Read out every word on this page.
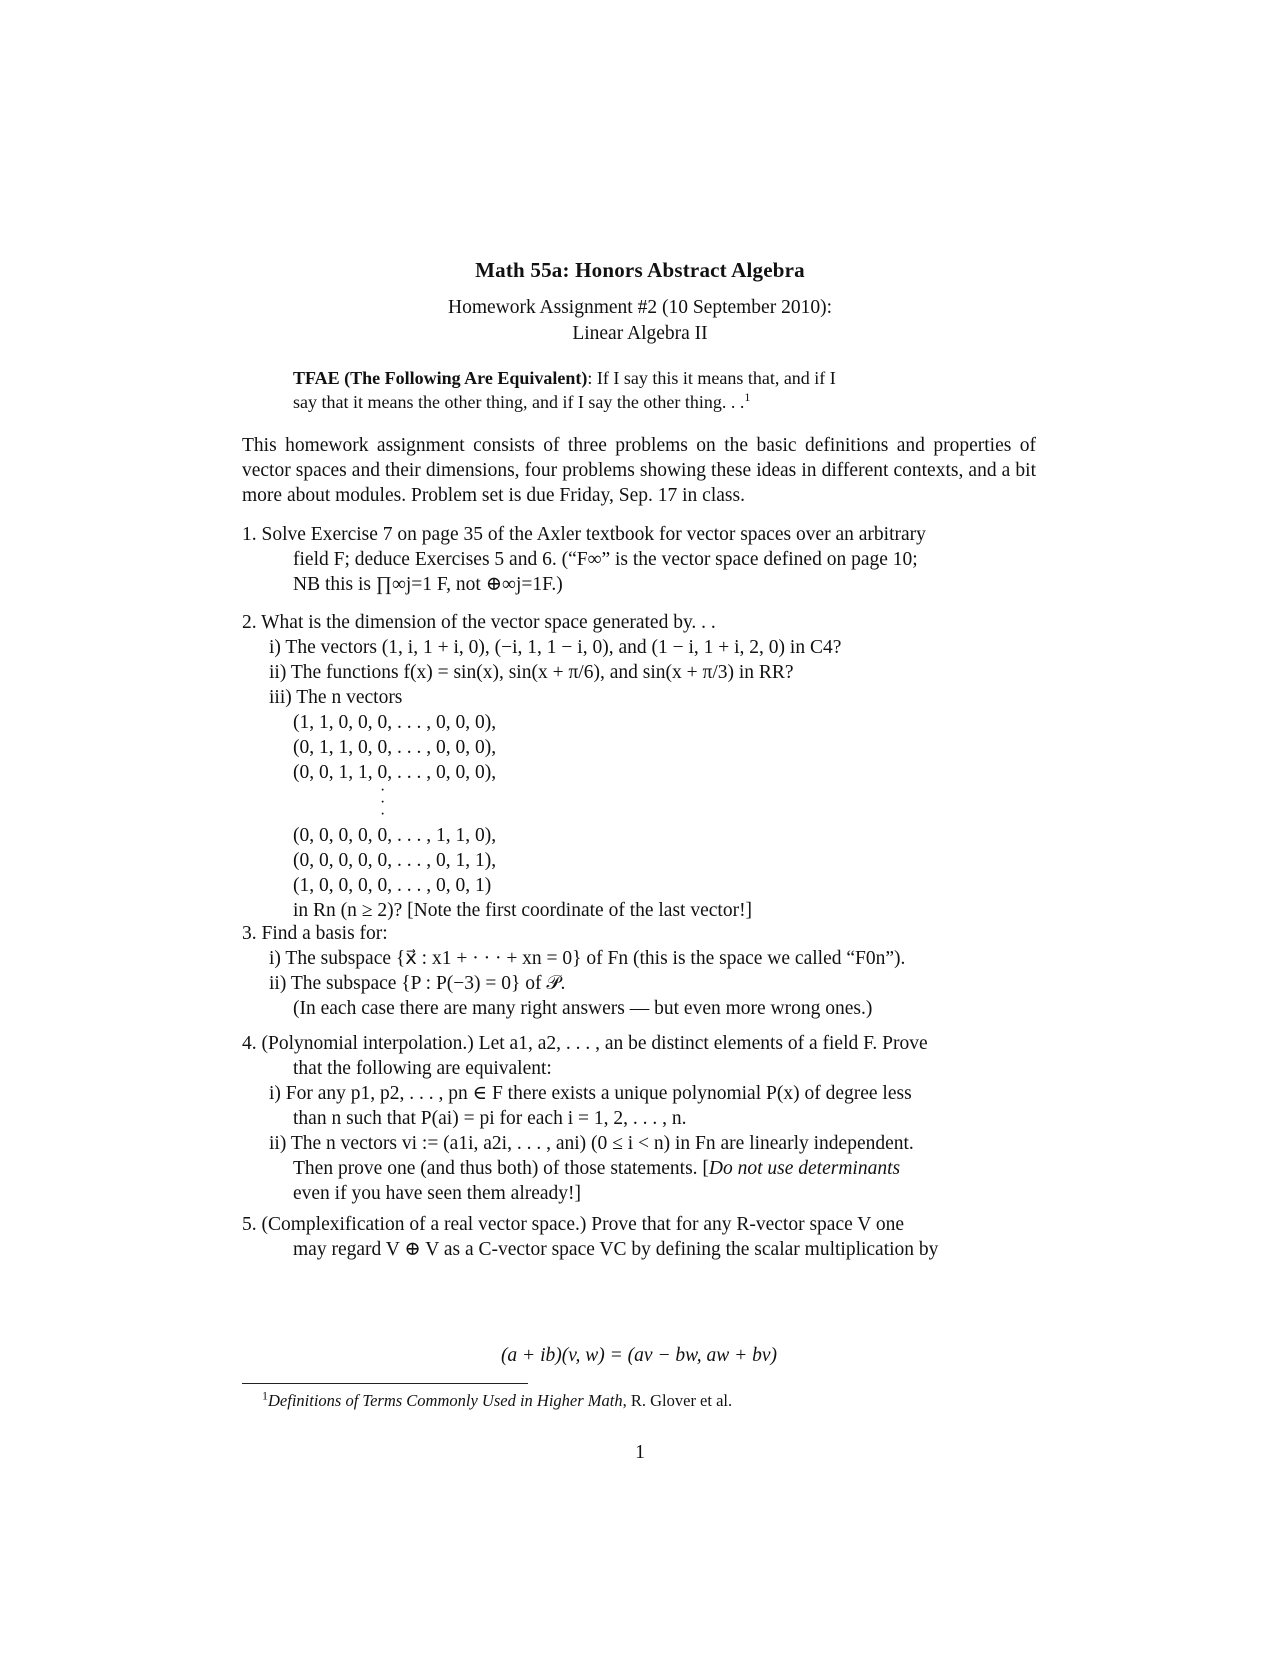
Math 55a: Honors Abstract Algebra

Homework Assignment #2 (10 September 2010):
Linear Algebra II

TFAE (The Following Are Equivalent): If I say this it means that, and if I
say that it means the other thing, and if I say the other thing. . .$^1$
This homework assignment consists of three problems on the basic definitions and properties of vector spaces and their dimensions, four problems showing these ideas in different contexts, and a bit more about modules. Problem set is due Friday, Sep. 17 in class.
1. Solve Exercise 7 on page 35 of the Axler textbook for vector spaces over an arbitrary
field F; deduce Exercises 5 and 6. (“F∞” is the vector space defined on page 10;
NB this is ∏∞j=1 F, not ⊕∞j=1F.)
2. What is the dimension of the vector space generated by. . .
i) The vectors (1, i, 1 + i, 0), (−i, 1, 1 − i, 0), and (1 − i, 1 + i, 2, 0) in C4?
ii) The functions f(x) = sin(x), sin(x + π/6), and sin(x + π/3) in RR?
iii) The n vectors
(1, 1, 0, 0, 0, . . . , 0, 0, 0),
(0, 1, 1, 0, 0, . . . , 0, 0, 0),
(0, 0, 1, 1, 0, . . . , 0, 0, 0),
·
·
·
(0, 0, 0, 0, 0, . . . , 1, 1, 0),
(0, 0, 0, 0, 0, . . . , 0, 1, 1),
(1, 0, 0, 0, 0, . . . , 0, 0, 1)
in Rn (n ≥ 2)? [Note the first coordinate of the last vector!]
3. Find a basis for:
i) The subspace {x⃗ : x1 + · · · + xn = 0} of Fn (this is the space we called “F0n”).
ii) The subspace {P : P(−3) = 0} of 𝒫.
(In each case there are many right answers — but even more wrong ones.)
4. (Polynomial interpolation.) Let a1, a2, . . . , an be distinct elements of a field F. Prove
that the following are equivalent:
i) For any p1, p2, . . . , pn ∈ F there exists a unique polynomial P(x) of degree less
than n such that P(ai) = pi for each i = 1, 2, . . . , n.
ii) The n vectors vi := (a1i, a2i, . . . , ani) (0 ≤ i < n) in Fn are linearly independent.
Then prove one (and thus both) of those statements. [Do not use determinants
even if you have seen them already!]
5. (Complexification of a real vector space.) Prove that for any R-vector space V one
may regard V ⊕ V as a C-vector space VC by defining the scalar multiplication by
(a + ib)(v, w) = (av − bw, aw + bv)
$^1$Definitions of Terms Commonly Used in Higher Math, R. Glover et al.
1
